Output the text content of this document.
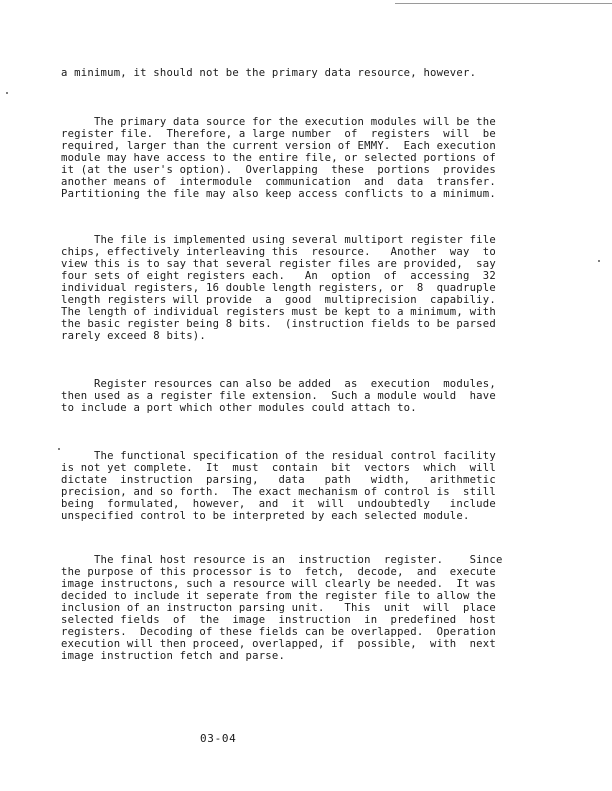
a minimum, it should not be the primary data resource, however.
The primary data source for the execution modules will be the
register file.  Therefore, a large number  of  registers  will  be
required, larger than the current version of EMMY.  Each execution
module may have access to the entire file, or selected portions of
it (at the user's option).  Overlapping  these  portions  provides
another means of  intermodule  communication  and  data  transfer.
Partitioning the file may also keep access conflicts to a minimum.
The file is implemented using several multiport register file
chips, effectively interleaving this  resource.   Another  way  to
view this is to say that several register files are provided,  say
four sets of eight registers each.   An  option  of  accessing  32
individual registers, 16 double length registers, or  8  quadruple
length registers will provide  a  good  multiprecision  capabiliy.
The length of individual registers must be kept to a minimum, with
the basic register being 8 bits.  (instruction fields to be parsed
rarely exceed 8 bits).
Register resources can also be added  as  execution  modules,
then used as a register file extension.  Such a module would  have
to include a port which other modules could attach to.
The functional specification of the residual control facility
is not yet complete.  It  must  contain  bit  vectors  which  will
dictate  instruction  parsing,   data   path   width,   arithmetic
precision, and so forth.  The exact mechanism of control is  still
being  formulated,  however,  and  it  will  undoubtedly   include
unspecified control to be interpreted by each selected module.
The final host resource is an  instruction  register.    Since
the purpose of this processor is to  fetch,  decode,  and  execute
image instructons, such a resource will clearly be needed.  It was
decided to include it seperate from the register file to allow the
inclusion of an instructon parsing unit.   This  unit  will  place
selected fields  of  the  image  instruction  in  predefined  host
registers.  Decoding of these fields can be overlapped.  Operation
execution will then proceed, overlapped, if  possible,  with  next
image instruction fetch and parse.
03-04
